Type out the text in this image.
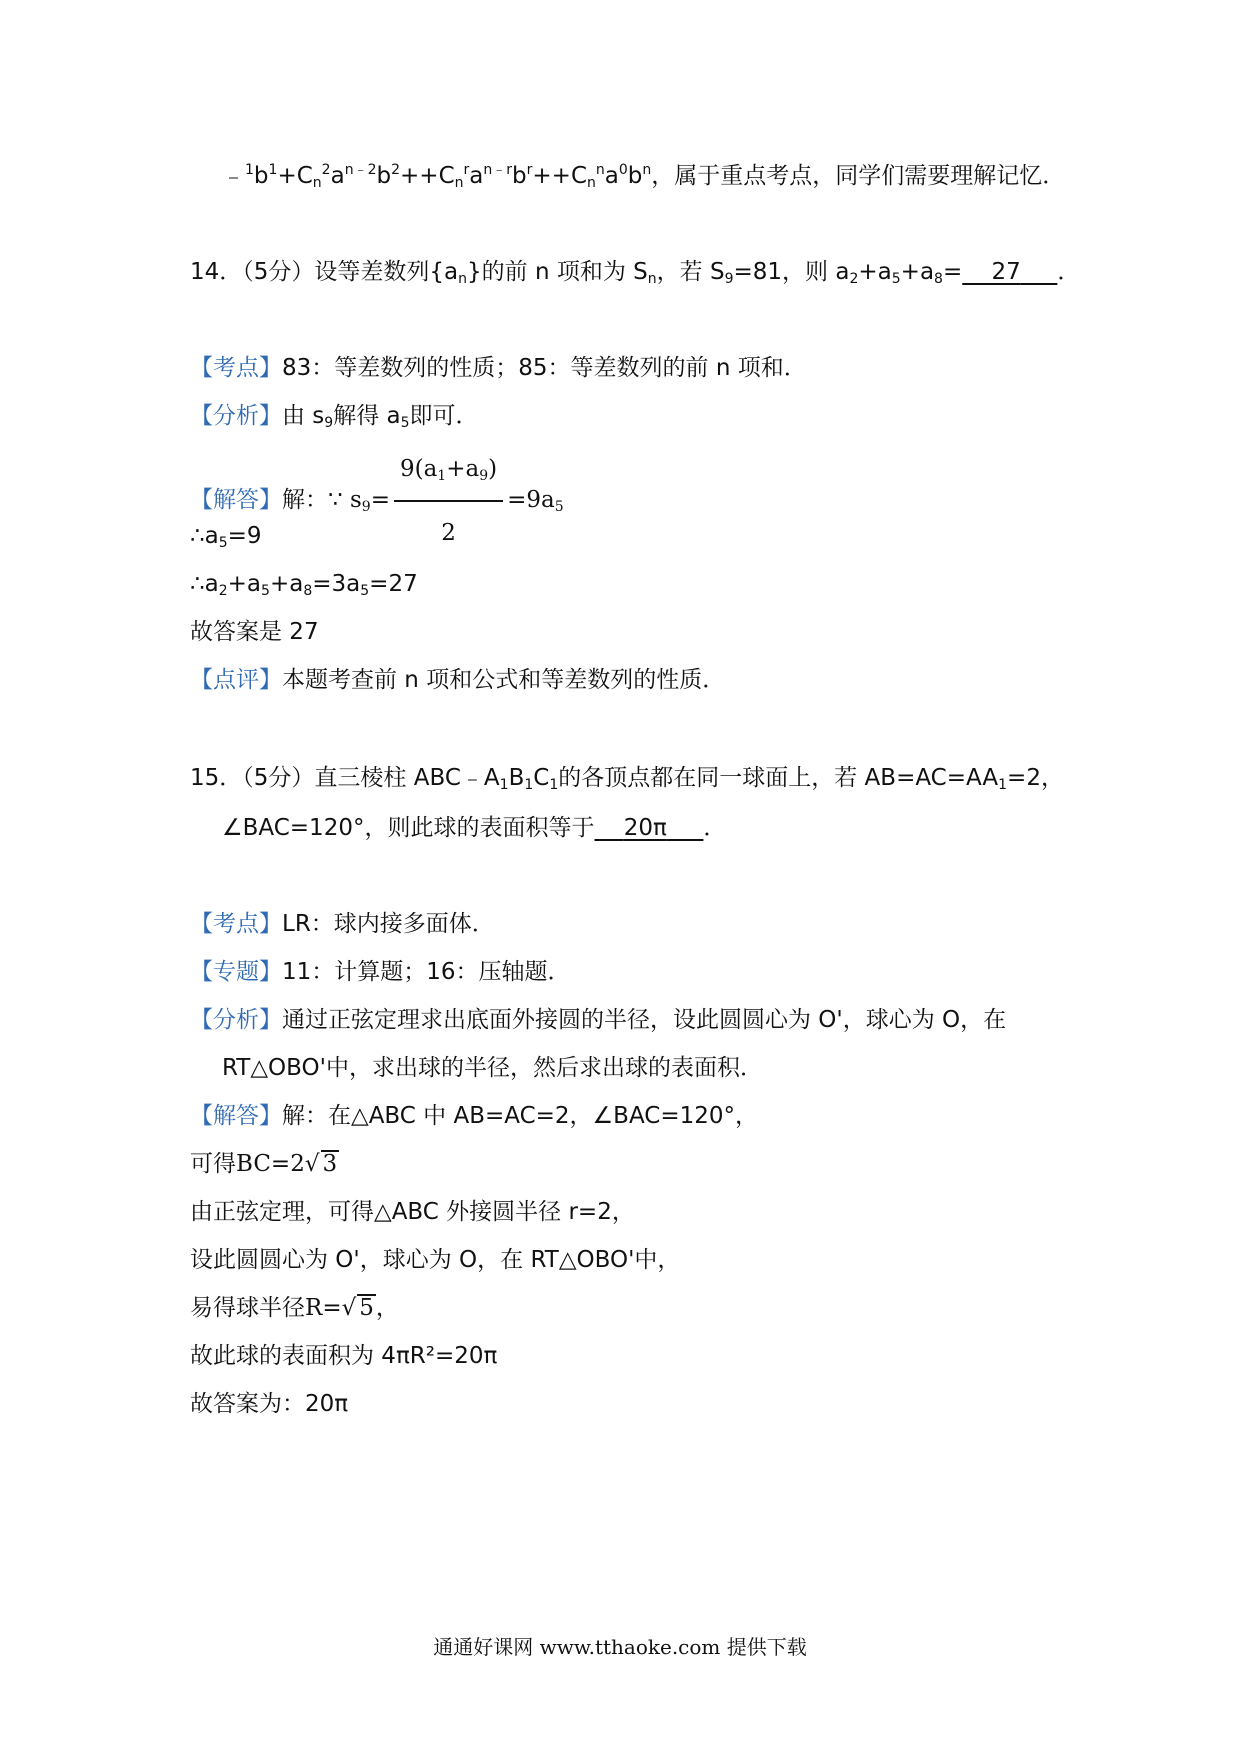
$﹣^1b^1+C_n^2a^{n﹣2}b^2++C_n^ra^{n﹣r}b^r++C_n^na^0b^n$，属于重点考点，同学们需要理解记忆．
14．（5分）设等差数列$\{a_n\}$的前 n 项和为 $S_n$，若 $S_9=81$，则 $a_2+a_5+a_8= 27$ ．
【考点】83：等差数列的性质；85：等差数列的前 n 项和．
【分析】由 $s_9$解得 $a_5$即可．
【解答】解：∵ $s_9= \frac{9(a_1+a_9)}{2} =9a_5$
$\therefore a_5=9$
$\therefore a_2+a_5+a_8=3a_5=27$
故答案是 27
【点评】本题考查前 n 项和公式和等差数列的性质．
15．（5分）直三棱柱 $ABC﹣A_1B_1C_1$的各顶点都在同一球面上，若 $AB=AC=AA_1=2$，
∠BAC=120°，则此球的表面积等于 20π ．
【考点】LR：球内接多面体．
【专题】11：计算题；16：压轴题．
【分析】通过正弦定理求出底面外接圆的半径，设此圆圆心为 O'，球心为 O，在
RT△OBO'中，求出球的半径，然后求出球的表面积．
【解答】解：在△ABC 中 AB=AC=2，∠BAC=120°，
可得BC=2√ 3
由正弦定理，可得△ABC 外接圆半径 r=2，
设此圆圆心为 O'，球心为 O，在 RT△OBO'中，
易得球半径R=√ 5，
故此球的表面积为 4πR²=20π
故答案为：20π
通通好课网 www.tthaoke.com 提供下载
